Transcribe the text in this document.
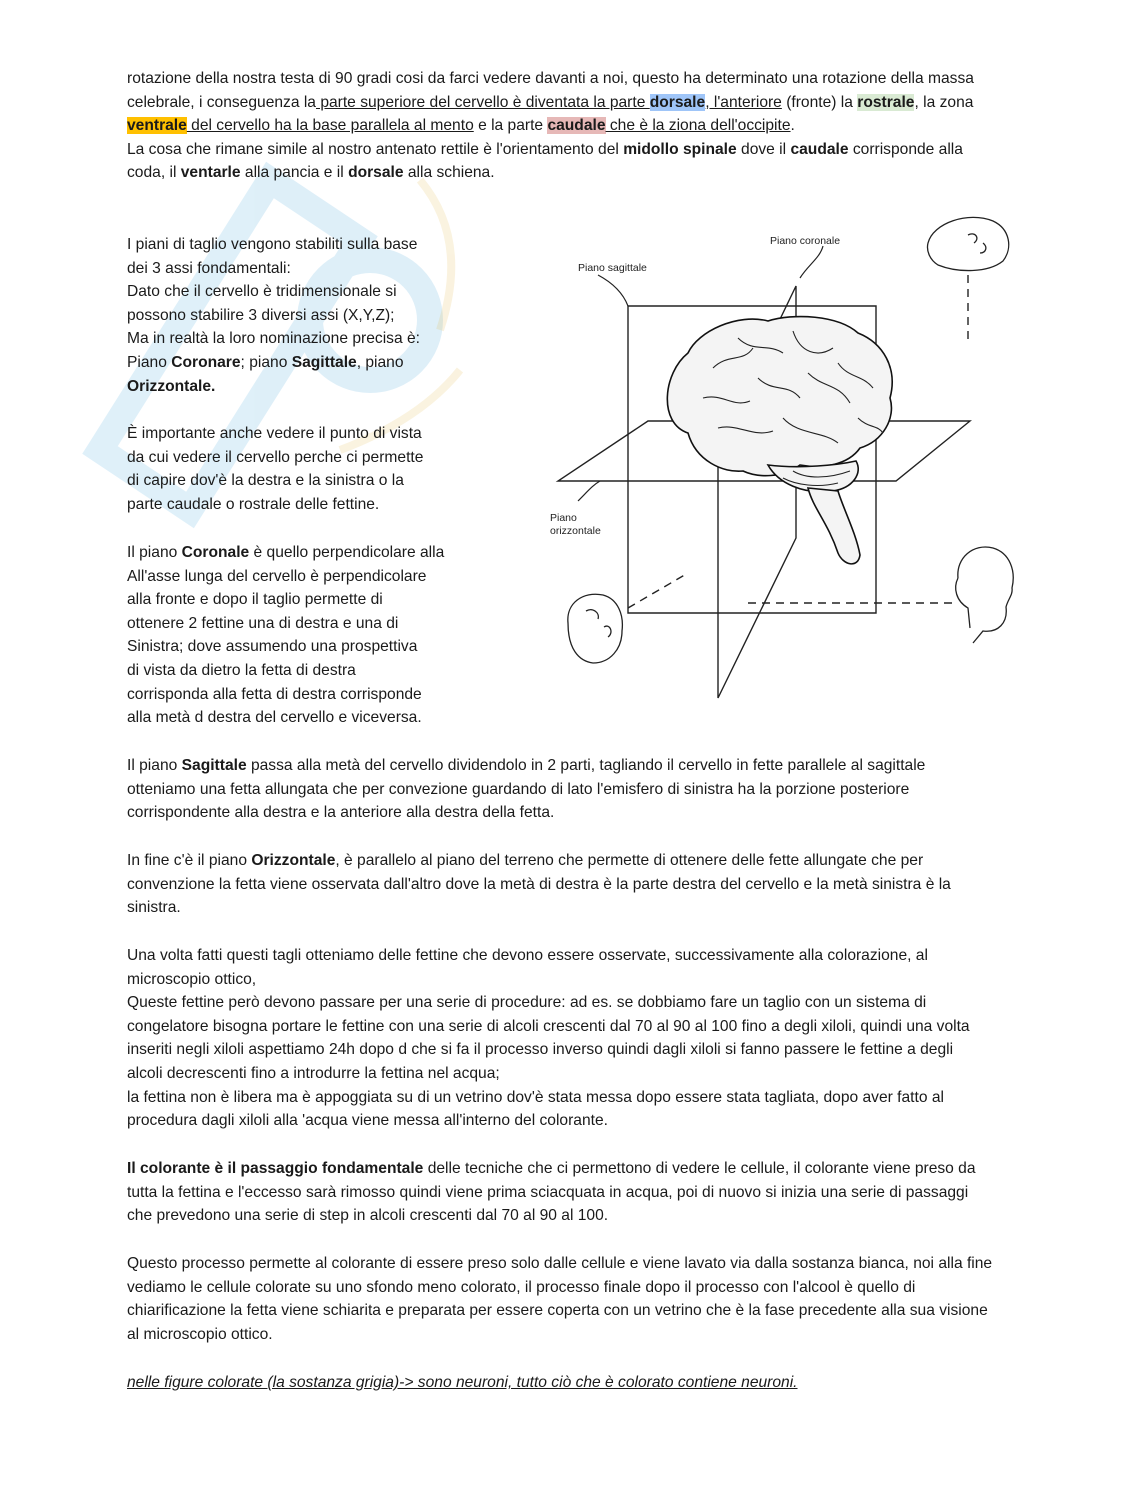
rotazione della nostra testa di 90 gradi cosi da farci vedere davanti a noi, questo ha determinato una rotazione della massa
celebrale, i conseguenza la parte superiore del cervello è diventata la parte dorsale, l'anteriore (fronte) la rostrale, la zona
ventrale del cervello ha la base parallela al mento e la parte caudale che è la ziona dell'occipite.
La cosa che rimane simile al nostro antenato rettile è l'orientamento del midollo spinale dove il caudale corrisponde alla
coda, il ventarle alla pancia e il dorsale alla schiena.
I piani di taglio vengono stabiliti sulla base
dei 3 assi fondamentali:
Dato che il cervello è tridimensionale si
possono stabilire 3 diversi assi (X,Y,Z);
Ma in realtà la loro nominazione precisa è:
Piano Coronare; piano Sagittale, piano
Orizzontale.
È importante anche vedere il punto di vista
da cui vedere il cervello perche ci permette
di capire dov'è la destra e la sinistra o la
parte caudale o rostrale delle fettine.
Il piano Coronale è quello perpendicolare alla
All'asse lunga del cervello è perpendicolare
alla fronte e dopo il taglio permette di
ottenere 2 fettine una di destra e una di
Sinistra; dove assumendo una prospettiva
di vista da dietro la fetta di destra
corrisponda alla fetta di destra corrisponde
alla metà d destra del cervello e viceversa.
Piano coronale
Piano sagittale
Piano
orizzontale
Il piano Sagittale passa alla metà del cervello dividendolo in 2 parti, tagliando il cervello in fette parallele al sagittale
otteniamo una fetta allungata che per convezione guardando di lato l'emisfero di sinistra ha la porzione posteriore
corrispondente alla destra e la anteriore alla destra della fetta.
In fine c'è il piano Orizzontale, è parallelo al piano del terreno che permette di ottenere delle fette allungate che per
convenzione la fetta viene osservata dall'altro dove la metà di destra è la parte destra del cervello e la metà sinistra è la
sinistra.
Una volta fatti questi tagli otteniamo delle fettine che devono essere osservate, successivamente alla colorazione, al
microscopio ottico,
Queste fettine però devono passare per una serie di procedure: ad es. se dobbiamo fare un taglio con un sistema di
congelatore bisogna portare le fettine con una serie di alcoli crescenti dal 70 al 90 al 100 fino a degli xiloli, quindi una volta
inseriti negli xiloli aspettiamo 24h dopo d che si fa il processo inverso quindi dagli xiloli si fanno passere le fettine a degli
alcoli decrescenti fino a introdurre la fettina nel acqua;
la fettina non è libera ma è appoggiata su di un vetrino dov'è stata messa dopo essere stata tagliata, dopo aver fatto al
procedura dagli xiloli alla 'acqua viene messa all'interno del colorante.
Il colorante è il passaggio fondamentale delle tecniche che ci permettono di vedere le cellule, il colorante viene preso da
tutta la fettina e l'eccesso sarà rimosso quindi viene prima sciacquata in acqua, poi di nuovo si inizia una serie di passaggi
che prevedono una serie di step in alcoli crescenti dal 70 al 90 al 100.
Questo processo permette al colorante di essere preso solo dalle cellule e viene lavato via dalla sostanza bianca, noi alla fine
vediamo le cellule colorate su uno sfondo meno colorato, il processo finale dopo il processo con l'alcool è quello di
chiarificazione la fetta viene schiarita e preparata per essere coperta con un vetrino che è la fase precedente alla sua visione
al microscopio ottico.
nelle figure colorate (la sostanza grigia)-> sono neuroni, tutto ciò che è colorato contiene neuroni.
